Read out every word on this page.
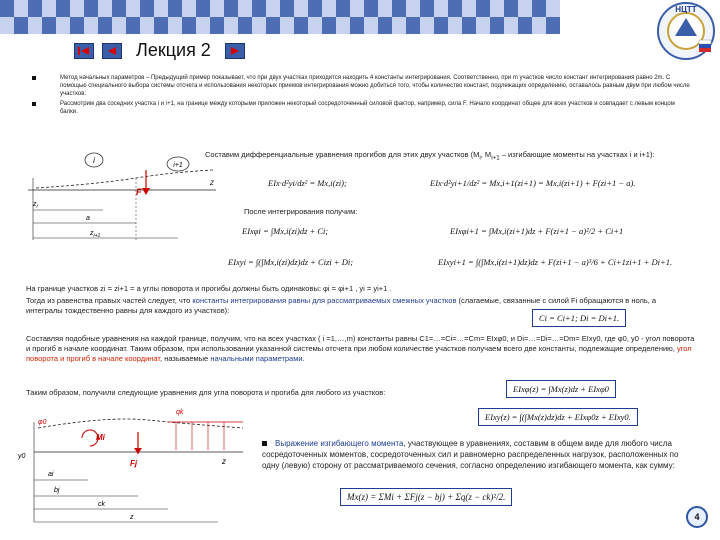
НЦТТ
Лекция 2
Метод начальных параметров – Предыдущий пример показывает, что при двух участках приходится находить 4 константы интегрирования. Соответственно, при m участков число констант интегрирования равно 2m. С помощью специального выбора системы отсчета и использования некоторых приемов интегрирования можно добиться того, чтобы количество констант, подлежащих определению, оставалось равным двум при любом числе участков:
Рассмотрим два соседних участка i и i+1, на границе между которыми приложен некоторый сосредоточенный силовой фактор, например, сила F. Начало координат общее для всех участков и совпадает с левым концом балки.
i
i+1
F
z
$z_i$
a
$z_{i+1}$
Составим дифференциальные уравнения прогибов для этих двух участков ($M_i$, $M_{i+1}$ – изгибающие моменты на участках i и i+1):
EIx·d²yi/dz² = Mx,i(zi);	EIx·d²yi+1/dz² = Mx,i+1(zi+1) = Mx,i(zi+1) + F(zi+1 − a).
После интегрирования получим:
EIxφi = ∫Mx,i(zi)dz + Ci;	EIxφi+1 = ∫Mx,i(zi+1)dz + F(zi+1 − a)²/2 + Ci+1
EIxyi = ∫(∫Mx,i(zi)dz)dz + Cizi + Di;	EIxyi+1 = ∫(∫Mx,i(zi+1)dz)dz + F(zi+1 − a)³/6 + Ci+1zi+1 + Di+1.
На границе участков zi = zi+1 = a углы поворота и прогибы должны быть одинаковы: φi = φi+1 , yi = yi+1 .
Тогда из равенства правых частей следует, что константы интегрирования равны для рассматриваемых смежных участков (слагаемые, связанные с силой Fi обращаются в ноль, а интегралы тождественно равны для каждого из участков):
Ci = Ci+1; Di = Di+1.
Составляя подобные уравнения на каждой границе, получим, что на всех участках ( i =1,…,m) константы равны C1=…=Ci=…=Cm= EIxφ0, и Di=…=Di=…=Dm= EIxy0, где φ0, y0 - угол поворота и прогиб в начале координат. Таким образом, при использовании указанной системы отсчета при любом количестве участков получаем всего две константы, подлежащие определению, угол поворота и прогиб в начале координат, называемые начальными параметрами.
Таким образом, получили следующие уравнения для угла поворота и прогиба для любого из участков:	EIxφ(z) = ∫Mx(z)dz + EIxφ0
EIxy(z) = ∫(∫Mx(z)dz)dz + EIxφ0z + EIxy0.
φ0
y0
Mi
Fj
qk
z
ai
bj
ck
z
Выражение изгибающего момента, участвующее в уравнениях, составим в общем виде для любого числа сосредоточенных моментов, сосредоточенных сил и равномерно распределенных нагрузок, расположенных по одну (левую) сторону от рассматриваемого сечения, согласно определению изгибающего момента, как сумму:
Mx(z) = ΣMi + ΣFj(z − bj) + Σq(z − ck)²/2.
4
